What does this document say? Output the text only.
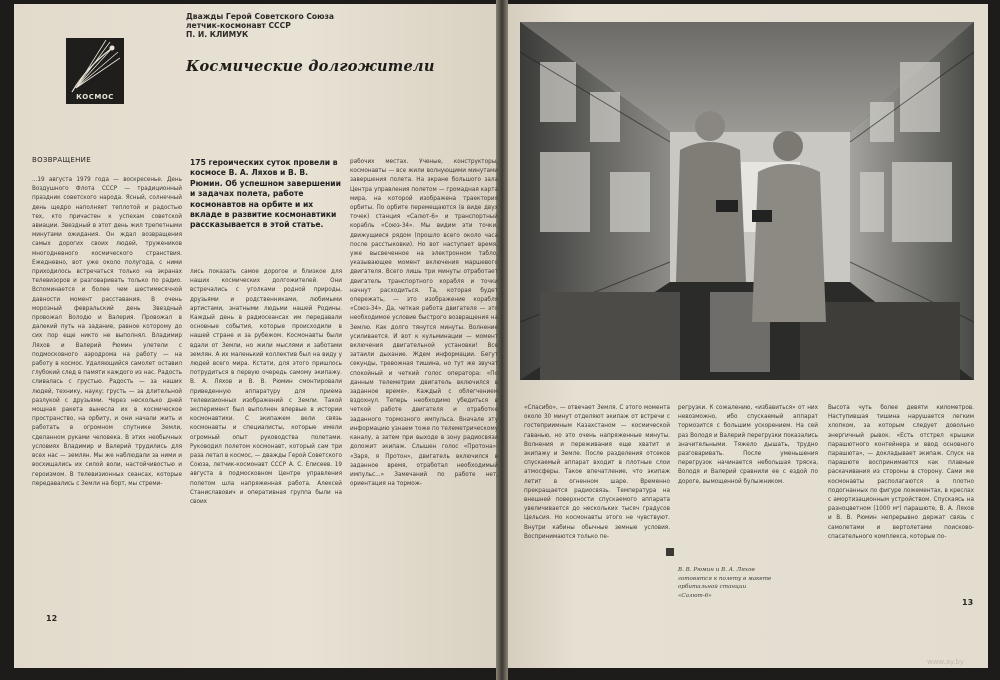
КОСМОС
Дважды Герой Советского Союза
летчик-космонавт СССР
П. И. КЛИМУК
Космические долгожители
ВОЗВРАЩЕНИЕ

...19 августа 1979 года — воскресенье. День Воздушного Флота СССР — традиционный праздник советского народа. Ясный, солнечный день щедро наполняет теплотой и радостью тех, кто причастен к успехам советской авиации. Звездный в этот день жил трепетными минутами ожидания. Он ждал возвращения самых дорогих своих людей, тружеников многодневного космического странствия. Ежедневно, вот уже около полугода, с ними приходилось встречаться только на экранах телевизоров и разговаривать только по радио. Вспоминается и более чем шестимесячной давности момент расставания. В очень морозный февральский день Звездный провожал Володю и Валерия. Провожал в далекий путь на задание, равное которому до сих пор еще никто не выполнял. Владимир Ляхов и Валерий Рюмин улетели с подмосковного аэродрома на работу — на работу в космос. Удаляющийся самолет оставил глубокий след в памяти каждого из нас. Радость сливалась с грустью. Радость — за наших людей, технику, науку; грусть — за длительной разлукой с друзьями. Через несколько дней мощная ракета вынесла их в космическое пространство, на орбиту, и они начали жить и работать в огромном спутнике Земли, сделанном руками человека. В этих необычных условиях Владимир и Валерий трудились для всех нас — землян. Мы же наблюдали за ними и восхищались их силой воли, настойчивостью и героизмом. В телевизионных сеансах, которые передавались с Земли на борт, мы стреми-

175 героических суток провели в космосе В. А. Ляхов и В. В. Рюмин. Об успешном завершении и задачах полета, работе космонавтов на орбите и их вкладе в развитие космонавтики рассказывается в этой статье.

лись показать самое дорогое и близкое для наших космических долгожителей. Они встречались с уголками родной природы, друзьями и родственниками, любимыми артистами, знатными людьми нашей Родины. Каждый день в радиосеансах им передавали основные события, которые происходили в нашей стране и за рубежом. Космонавты были вдали от Земли, но жили мыслями и заботами землян. А их маленький коллектив был на виду у людей всего мира. Кстати, для этого пришлось потрудиться в первую очередь самому экипажу. В. А. Ляхов и В. В. Рюмин смонтировали приведенную аппаратуру для приема телевизионных изображений с Земли. Такой эксперимент был выполнен впервые в истории космонавтики. С экипажем вели связь космонавты и специалисты, которые имели огромный опыт руководства полетами. Руководил полетом космонавт, который сам три раза летал в космос, — дважды Герой Советского Союза, летчик-космонавт СССР А. С. Елисеев. 19 августа в подмосковном Центре управления полетом шла напряженная работа. Алексей Станиславович и оперативная группа были на своих

рабочих местах. Ученые, конструкторы, космонавты — все жили волнующими минутами завершения полета. На экране большого зала Центра управления полетом — громадная карта мира, на которой изображена траектория орбиты. По орбите перемещаются (в виде двух точек) станция «Салют-6» и транспортный корабль «Союз-34». Мы видим эти точки, движущиеся рядом (прошло всего около часа после расстыковки). Но вот наступает время, уже высвеченное на электронном табло, указывающее момент включения маршевого двигателя. Всего лишь три минуты отработает двигатель транспортного корабля и точки начнут расходиться. Та, которая будет опережать, — это изображение корабля «Союз-34». Да, четкая работа двигателя — это необходимое условие быстрого возвращения на Землю. Как долго тянутся минуты. Волнение усиливается. И вот к кульминации — момент включения двигательной установки! Все затаили дыхание. Ждем информации. Бегут секунды, тревожная тишина, но тут же звучат спокойный и четкий голос оператора: «По данным телеметрии двигатель включился в заданное время». Каждый с облегчением вздохнул. Теперь необходимо убедиться в четкой работе двигателя и отработке заданного тормозного импульса. Вначале эту информацию узнаем тоже по телеметрическому каналу, а затем при выходе в зону радиосвязи доложит экипаж. Слышен голос «Протона»: «Заря, я Протон», двигатель включился в заданное время, отработал необходимый импульс...» Замечаний по работе нет, ориентация на тормож-

12

«Спасибо», — отвечает Земля. С этого момента около 30 минут отделяют экипаж от встречи с гостеприимным Казахстаном — космической гаванью, но это очень напряженные минуты. Волнения и переживания еще хватит и экипажу и Земле. После разделения отсеков спускаемый аппарат входит в плотные слои атмосферы. Такое впечатление, что экипаж летит в огненном шаре. Временно прекращается радиосвязь. Температура на внешней поверхности спускаемого аппарата увеличивается до нескольких тысяч градусов Цельсия. Но космонавты этого не чувствуют. Внутри кабины обычные земные условия. Воспринимаются только пе-

регрузки. К сожалению, «избавиться» от них невозможно, ибо спускаемый аппарат тормозится с большим ускорением. На сей раз Володя и Валерий перегрузки показались значительными. Тяжело дышать, трудно разговаривать. После уменьшения перегрузок начинается небольшая тряска, Володя и Валерий сравнили ее с ездой по дороге, вымощенной булыжником.

В. В. Рюмин и В. А. Ляхов готовятся к полету в макете орбитальной станции «Салют-6»

Высота чуть более девяти километров. Наступившая тишина нарушается легким хлопком, за которым следует довольно энергичный рывок. «Есть отстрел крышки парашютного контейнера и ввод основного парашюта», — докладывает экипаж. Спуск на парашюте воспринимается как плавные раскачивания из стороны в сторону. Сами же космонавты располагаются в плотно подогнанных по фигуре ложементах, в креслах с амортизационным устройством. Спускаясь на разноцветном (1000 м²) парашюте, В. А. Ляхов и В. В. Рюмин непрерывно держат связь с самолетами и вертолетами поисково-спасательного комплекса, которые по-

13
www.ay.by
